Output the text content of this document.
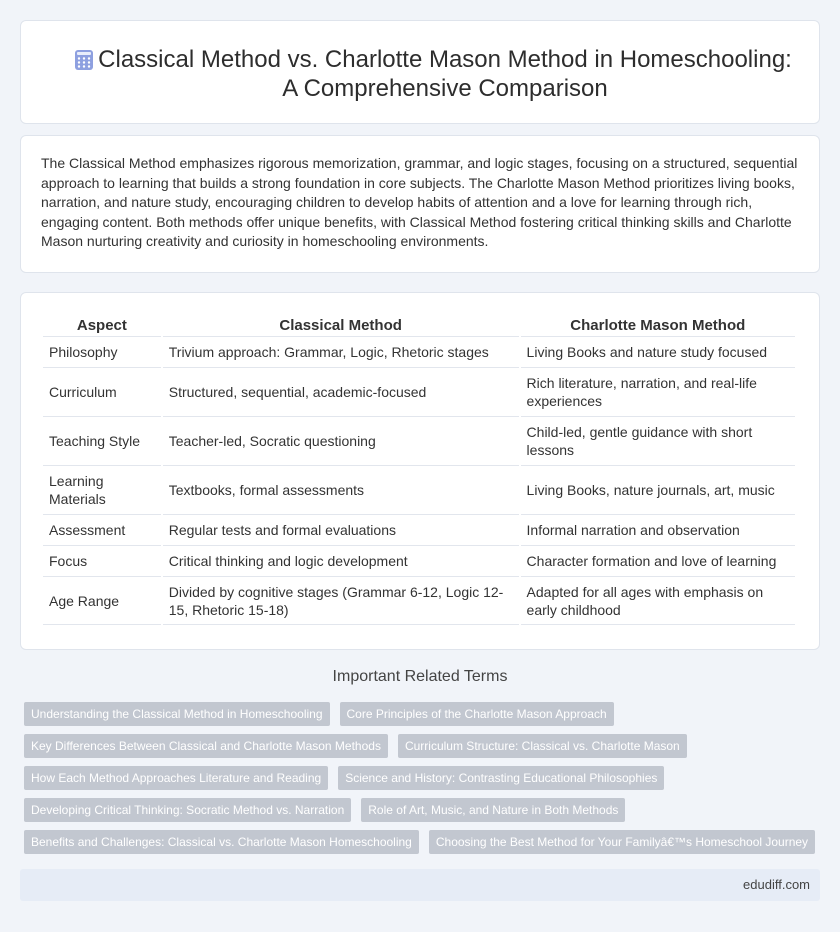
Classical Method vs. Charlotte Mason Method in Homeschooling: A Comprehensive Comparison

The Classical Method emphasizes rigorous memorization, grammar, and logic stages, focusing on a structured, sequential approach to learning that builds a strong foundation in core subjects. The Charlotte Mason Method prioritizes living books, narration, and nature study, encouraging children to develop habits of attention and a love for learning through rich, engaging content. Both methods offer unique benefits, with Classical Method fostering critical thinking skills and Charlotte Mason nurturing creativity and curiosity in homeschooling environments.

Aspect	Classical Method	Charlotte Mason Method
Philosophy	Trivium approach: Grammar, Logic, Rhetoric stages	Living Books and nature study focused
Curriculum	Structured, sequential, academic-focused	Rich literature, narration, and real-life experiences
Teaching Style	Teacher-led, Socratic questioning	Child-led, gentle guidance with short lessons
Learning Materials	Textbooks, formal assessments	Living Books, nature journals, art, music
Assessment	Regular tests and formal evaluations	Informal narration and observation
Focus	Critical thinking and logic development	Character formation and love of learning
Age Range	Divided by cognitive stages (Grammar 6-12, Logic 12-15, Rhetoric 15-18)	Adapted for all ages with emphasis on early childhood
Important Related Terms
Understanding the Classical Method in Homeschooling	Core Principles of the Charlotte Mason Approach
Key Differences Between Classical and Charlotte Mason Methods	Curriculum Structure: Classical vs. Charlotte Mason
How Each Method Approaches Literature and Reading	Science and History: Contrasting Educational Philosophies
Developing Critical Thinking: Socratic Method vs. Narration	Role of Art, Music, and Nature in Both Methods
Benefits and Challenges: Classical vs. Charlotte Mason Homeschooling	Choosing the Best Method for Your Familyâ€™s Homeschool Journey
edudiff.com
